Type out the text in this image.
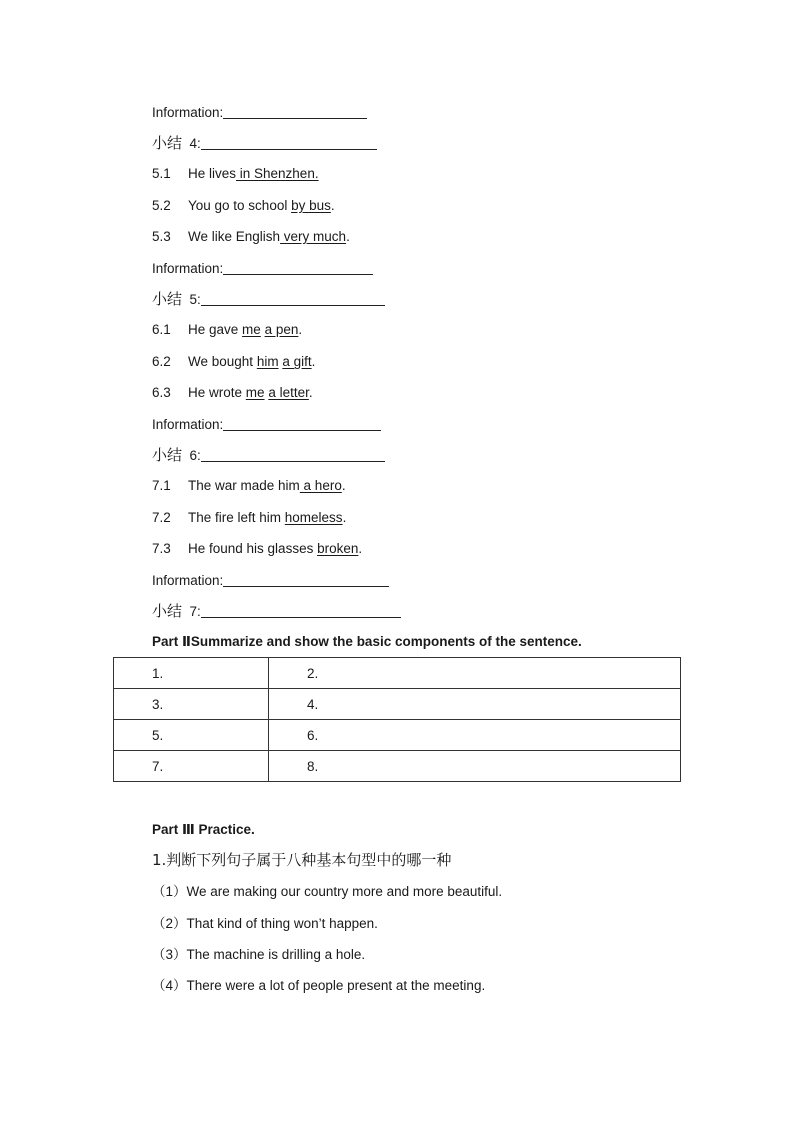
Information:
小结 4:
5.1 He lives in Shenzhen.
5.2 You go to school by bus.
5.3 We like English very much.
Information:
小结 5:
6.1 He gave me a pen.
6.2 We bought him a gift.
6.3 He wrote me a letter.
Information:
小结 6:
7.1 The war made him a hero.
7.2 The fire left him homeless.
7.3 He found his glasses broken.
Information:
小结 7:
Part ⅡSummarize and show the basic components of the sentence.
1.	2.
3.	4.
5.	6.
7.	8.
Part Ⅲ Practice.
1.判断下列句子属于八种基本句型中的哪一种
（1）We are making our country more and more beautiful.
（2）That kind of thing won’t happen.
（3）The machine is drilling a hole.
（4）There were a lot of people present at the meeting.
